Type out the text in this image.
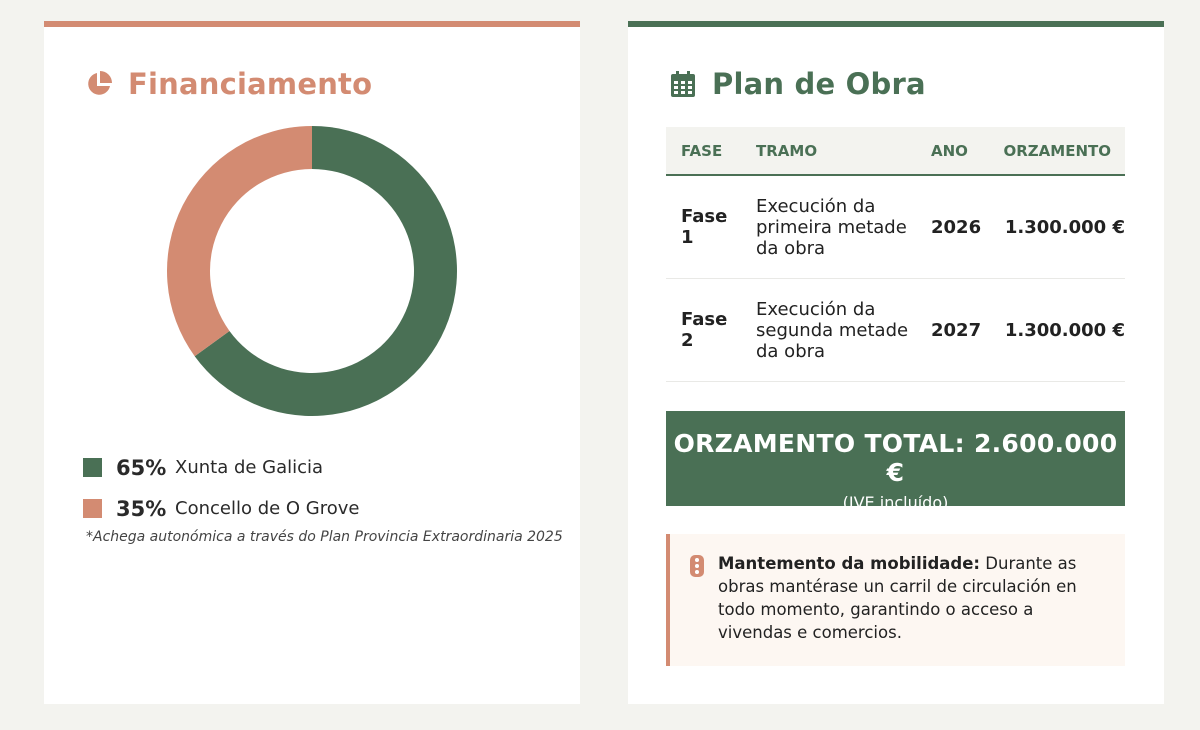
Financiamento
65% Xunta de Galicia
35% Concello de O Grove
*Achega autonómica a través do Plan Provincia Extraordinaria 2025
Plan de Obra
FASE	TRAMO	ANO	ORZAMENTO
Fase 1	Execución da primeira metade da obra	2026	1.300.000 €
Fase 2	Execución da segunda metade da obra	2027	1.300.000 €
ORZAMENTO TOTAL: 2.600.000 €
(IVE incluído)
Mantemento da mobilidade: Durante as obras mantérase un carril de circulación en todo momento, garantindo o acceso a vivendas e comercios.
